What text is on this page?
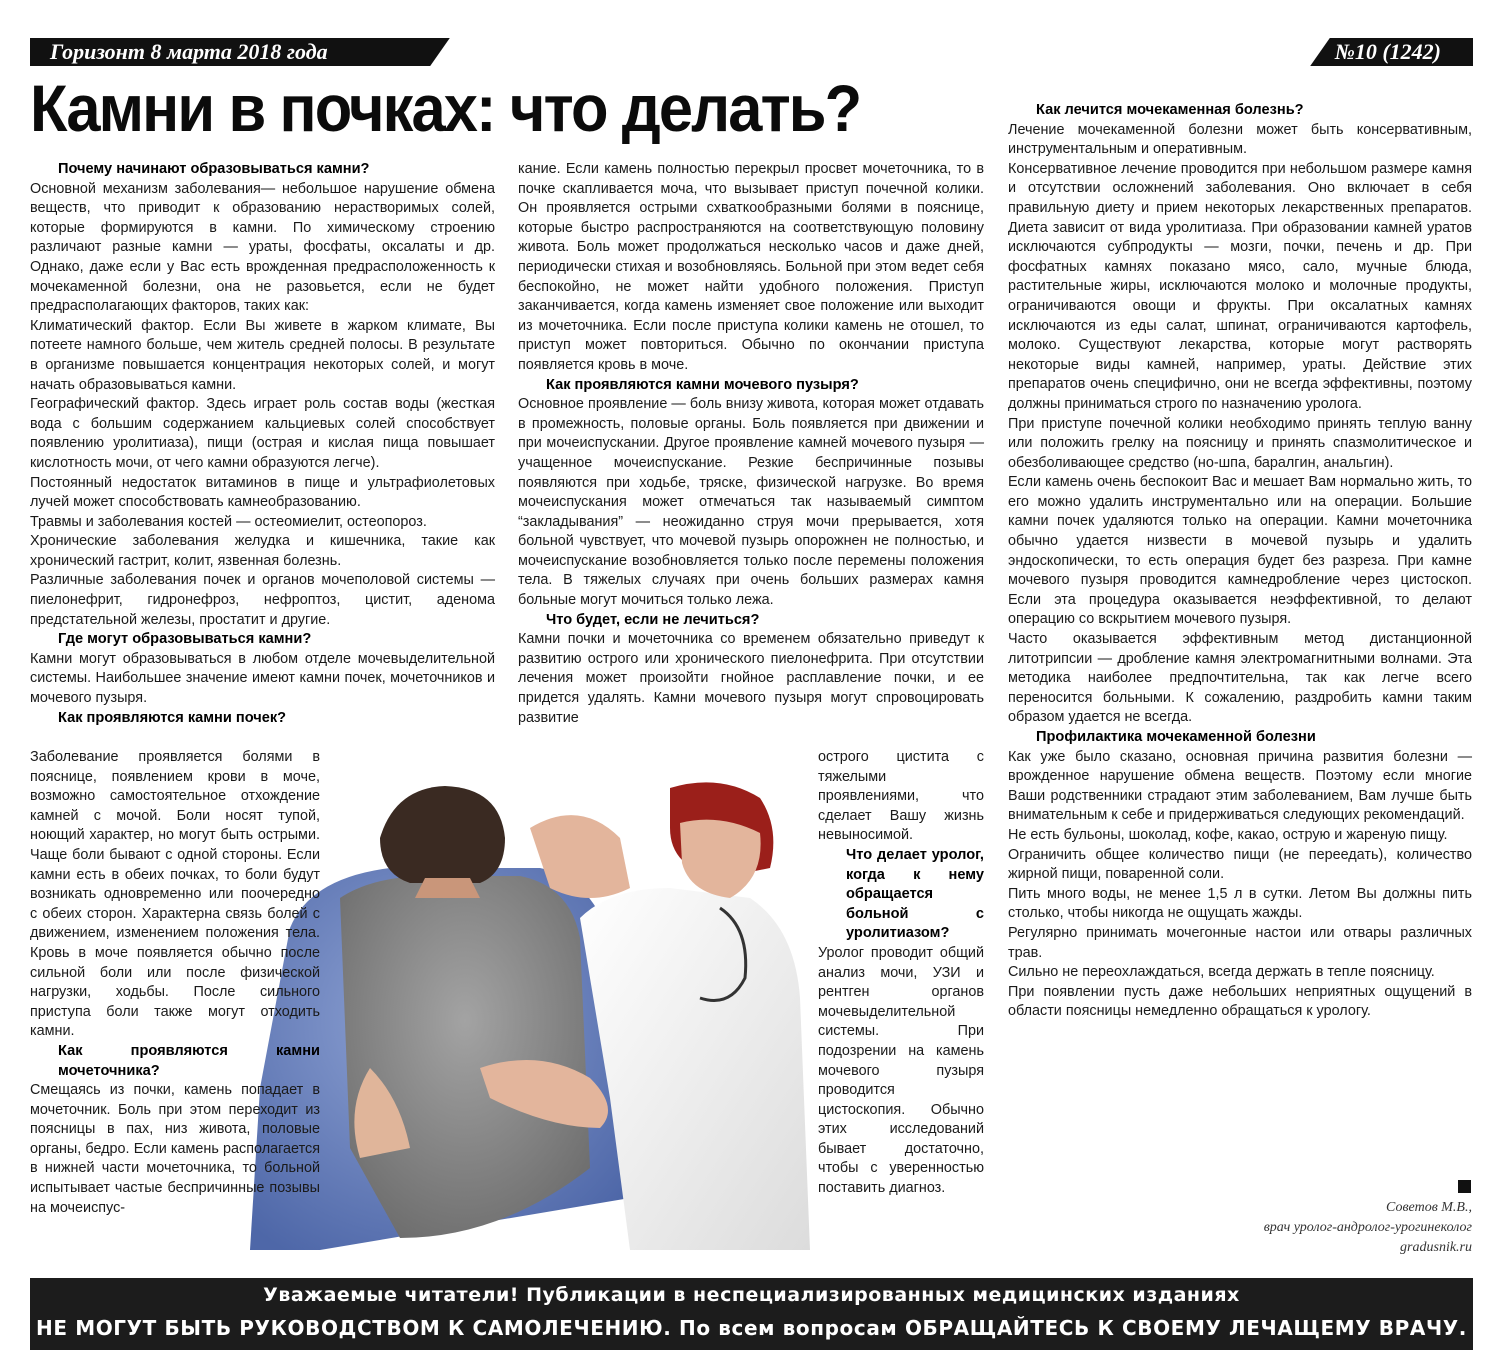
Горизонт 8 марта 2018 года	№10 (1242)
Камни в почках: что делать?
Почему начинают образовываться камни?

Основной механизм заболевания— небольшое нарушение обмена веществ, что приводит к образованию нерастворимых солей, которые формируются в камни. По химическому строению различают разные камни — ураты, фосфаты, оксалаты и др. Однако, даже если у Вас есть врожденная предрасположенность к мочекаменной болезни, она не разовьется, если не будет предрасполагающих факторов, таких как:

Климатический фактор. Если Вы живете в жарком климате, Вы потеете намного больше, чем житель средней полосы. В результате в организме повышается концентрация некоторых солей, и могут начать образовываться камни.

Географический фактор. Здесь играет роль состав воды (жесткая вода с большим содержанием кальциевых солей способствует появлению уролитиаза), пищи (острая и кислая пища повышает кислотность мочи, от чего камни образуются легче).

Постоянный недостаток витаминов в пище и ультрафиолетовых лучей может способствовать камнеобразованию.

Травмы и заболевания костей — остеомиелит, остеопороз.

Хронические заболевания желудка и кишечника, такие как хронический гастрит, колит, язвенная болезнь.

Различные заболевания почек и органов мочеполовой системы — пиелонефрит, гидронефроз, нефроптоз, цистит, аденома предстательной железы, простатит и другие.

Где могут образовываться камни?

Камни могут образовываться в любом отделе мочевыделительной системы. Наибольшее значение имеют камни почек, мочеточников и мочевого пузыря.

Как проявляются камни почек?

кание. Если камень полностью перекрыл просвет мочеточника, то в почке скапливается моча, что вызывает приступ почечной колики. Он проявляется острыми схваткообразными болями в пояснице, которые быстро распространяются на соответствующую половину живота. Боль может продолжаться несколько часов и даже дней, периодически стихая и возобновляясь. Больной при этом ведет себя беспокойно, не может найти удобного положения. Приступ заканчивается, когда камень изменяет свое положение или выходит из мочеточника. Если после приступа колики камень не отошел, то приступ может повториться. Обычно по окончании приступа появляется кровь в моче.

Как проявляются камни мочевого пузыря?

Основное проявление — боль внизу живота, которая может отдавать в промежность, половые органы. Боль появляется при движении и при мочеиспускании. Другое проявление камней мочевого пузыря — учащенное мочеиспускание. Резкие беспричинные позывы появляются при ходьбе, тряске, физической нагрузке. Во время мочеиспускания может отмечаться так называемый симптом “закладывания” — неожиданно струя мочи прерывается, хотя больной чувствует, что мочевой пузырь опорожнен не полностью, и мочеиспускание возобновляется только после перемены положения тела. В тяжелых случаях при очень больших размерах камня больные могут мочиться только лежа.

Что будет, если не лечиться?

Камни почки и мочеточника со временем обязательно приведут к развитию острого или хронического пиелонефрита. При отсутствии лечения может произойти гнойное расплавление почки, и ее придется удалять. Камни мочевого пузыря могут спровоцировать развитие

Как лечится мочекаменная болезнь?

Лечение мочекаменной болезни может быть консервативным, инструментальным и оперативным.

Консервативное лечение проводится при небольшом размере камня и отсутствии осложнений заболевания. Оно включает в себя правильную диету и прием некоторых лекарственных препаратов. Диета зависит от вида уролитиаза. При образовании камней уратов исключаются субпродукты — мозги, почки, печень и др. При фосфатных камнях показано мясо, сало, мучные блюда, растительные жиры, исключаются молоко и молочные продукты, ограничиваются овощи и фрукты. При оксалатных камнях исключаются из еды салат, шпинат, ограничиваются картофель, молоко. Существуют лекарства, которые могут растворять некоторые виды камней, например, ураты. Действие этих препаратов очень специфично, они не всегда эффективны, поэтому должны приниматься строго по назначению уролога.

При приступе почечной колики необходимо принять теплую ванну или положить грелку на поясницу и принять спазмолитическое и обезболивающее средство (но-шпа, баралгин, анальгин).

Если камень очень беспокоит Вас и мешает Вам нормально жить, то его можно удалить инструментально или на операции. Большие камни почек удаляются только на операции. Камни мочеточника обычно удается низвести в мочевой пузырь и удалить эндоскопически, то есть операция будет без разреза. При камне мочевого пузыря проводится камнедробление через цистоскоп. Если эта процедура оказывается неэффективной, то делают операцию со вскрытием мочевого пузыря.

Часто оказывается эффективным метод дистанционной литотрипсии — дробление камня электромагнитными волнами. Эта методика наиболее предпочтительна, так как легче всего переносится больными. К сожалению, раздробить камни таким образом удается не всегда.

Профилактика мочекаменной болезни

Как уже было сказано, основная причина развития болезни — врожденное нарушение обмена веществ. Поэтому если многие Ваши родственники страдают этим заболеванием, Вам лучше быть внимательным к себе и придерживаться следующих рекомендаций.

Не есть бульоны, шоколад, кофе, какао, острую и жареную пищу.

Ограничить общее количество пищи (не переедать), количество жирной пищи, поваренной соли.

Пить много воды, не менее 1,5 л в сутки. Летом Вы должны пить столько, чтобы никогда не ощущать жажды.

Регулярно принимать мочегонные настои или отвары различных трав.

Сильно не переохлаждаться, всегда держать в тепле поясницу.

При появлении пусть даже небольших неприятных ощущений в области поясницы немедленно обращаться к урологу.

Заболевание проявляется болями в пояснице, появлением крови в моче, возможно самостоятельное отхождение камней с мочой. Боли носят тупой, ноющий характер, но могут быть острыми. Чаще боли бывают с одной стороны. Если камни есть в обеих почках, то боли будут возникать одновременно или поочередно с обеих сторон. Характерна связь болей с движением, изменением положения тела. Кровь в моче появляется обычно после сильной боли или после физической нагрузки, ходьбы. После сильного приступа боли также могут отходить камни.

Как проявляются камни мочеточника?

Смещаясь из почки, камень попадает в мочеточник. Боль при этом переходит из поясницы в пах, низ живота, половые органы, бедро. Если камень располагается в нижней части мочеточника, то больной испытывает частые беспричинные позывы на мочеиспус-

острого цистита с тяжелыми проявлениями, что сделает Вашу жизнь невыносимой.

Что делает уролог, когда к нему обращается больной с уролитиазом?

Уролог проводит общий анализ мочи, УЗИ и рентген органов мочевыделительной системы. При подозрении на камень мочевого пузыря проводится цистоскопия. Обычно этих исследований бывает достаточно, чтобы с уверенностью поставить диагноз.

Советов М.В.,
врач уролог-андролог-урогинеколог
gradusnik.ru
Уважаемые читатели! Публикации в неспециализированных медицинских изданиях
НЕ МОГУТ БЫТЬ РУКОВОДСТВОМ К САМОЛЕЧЕНИЮ. По всем вопросам ОБРАЩАЙТЕСЬ К СВОЕМУ ЛЕЧАЩЕМУ ВРАЧУ.
